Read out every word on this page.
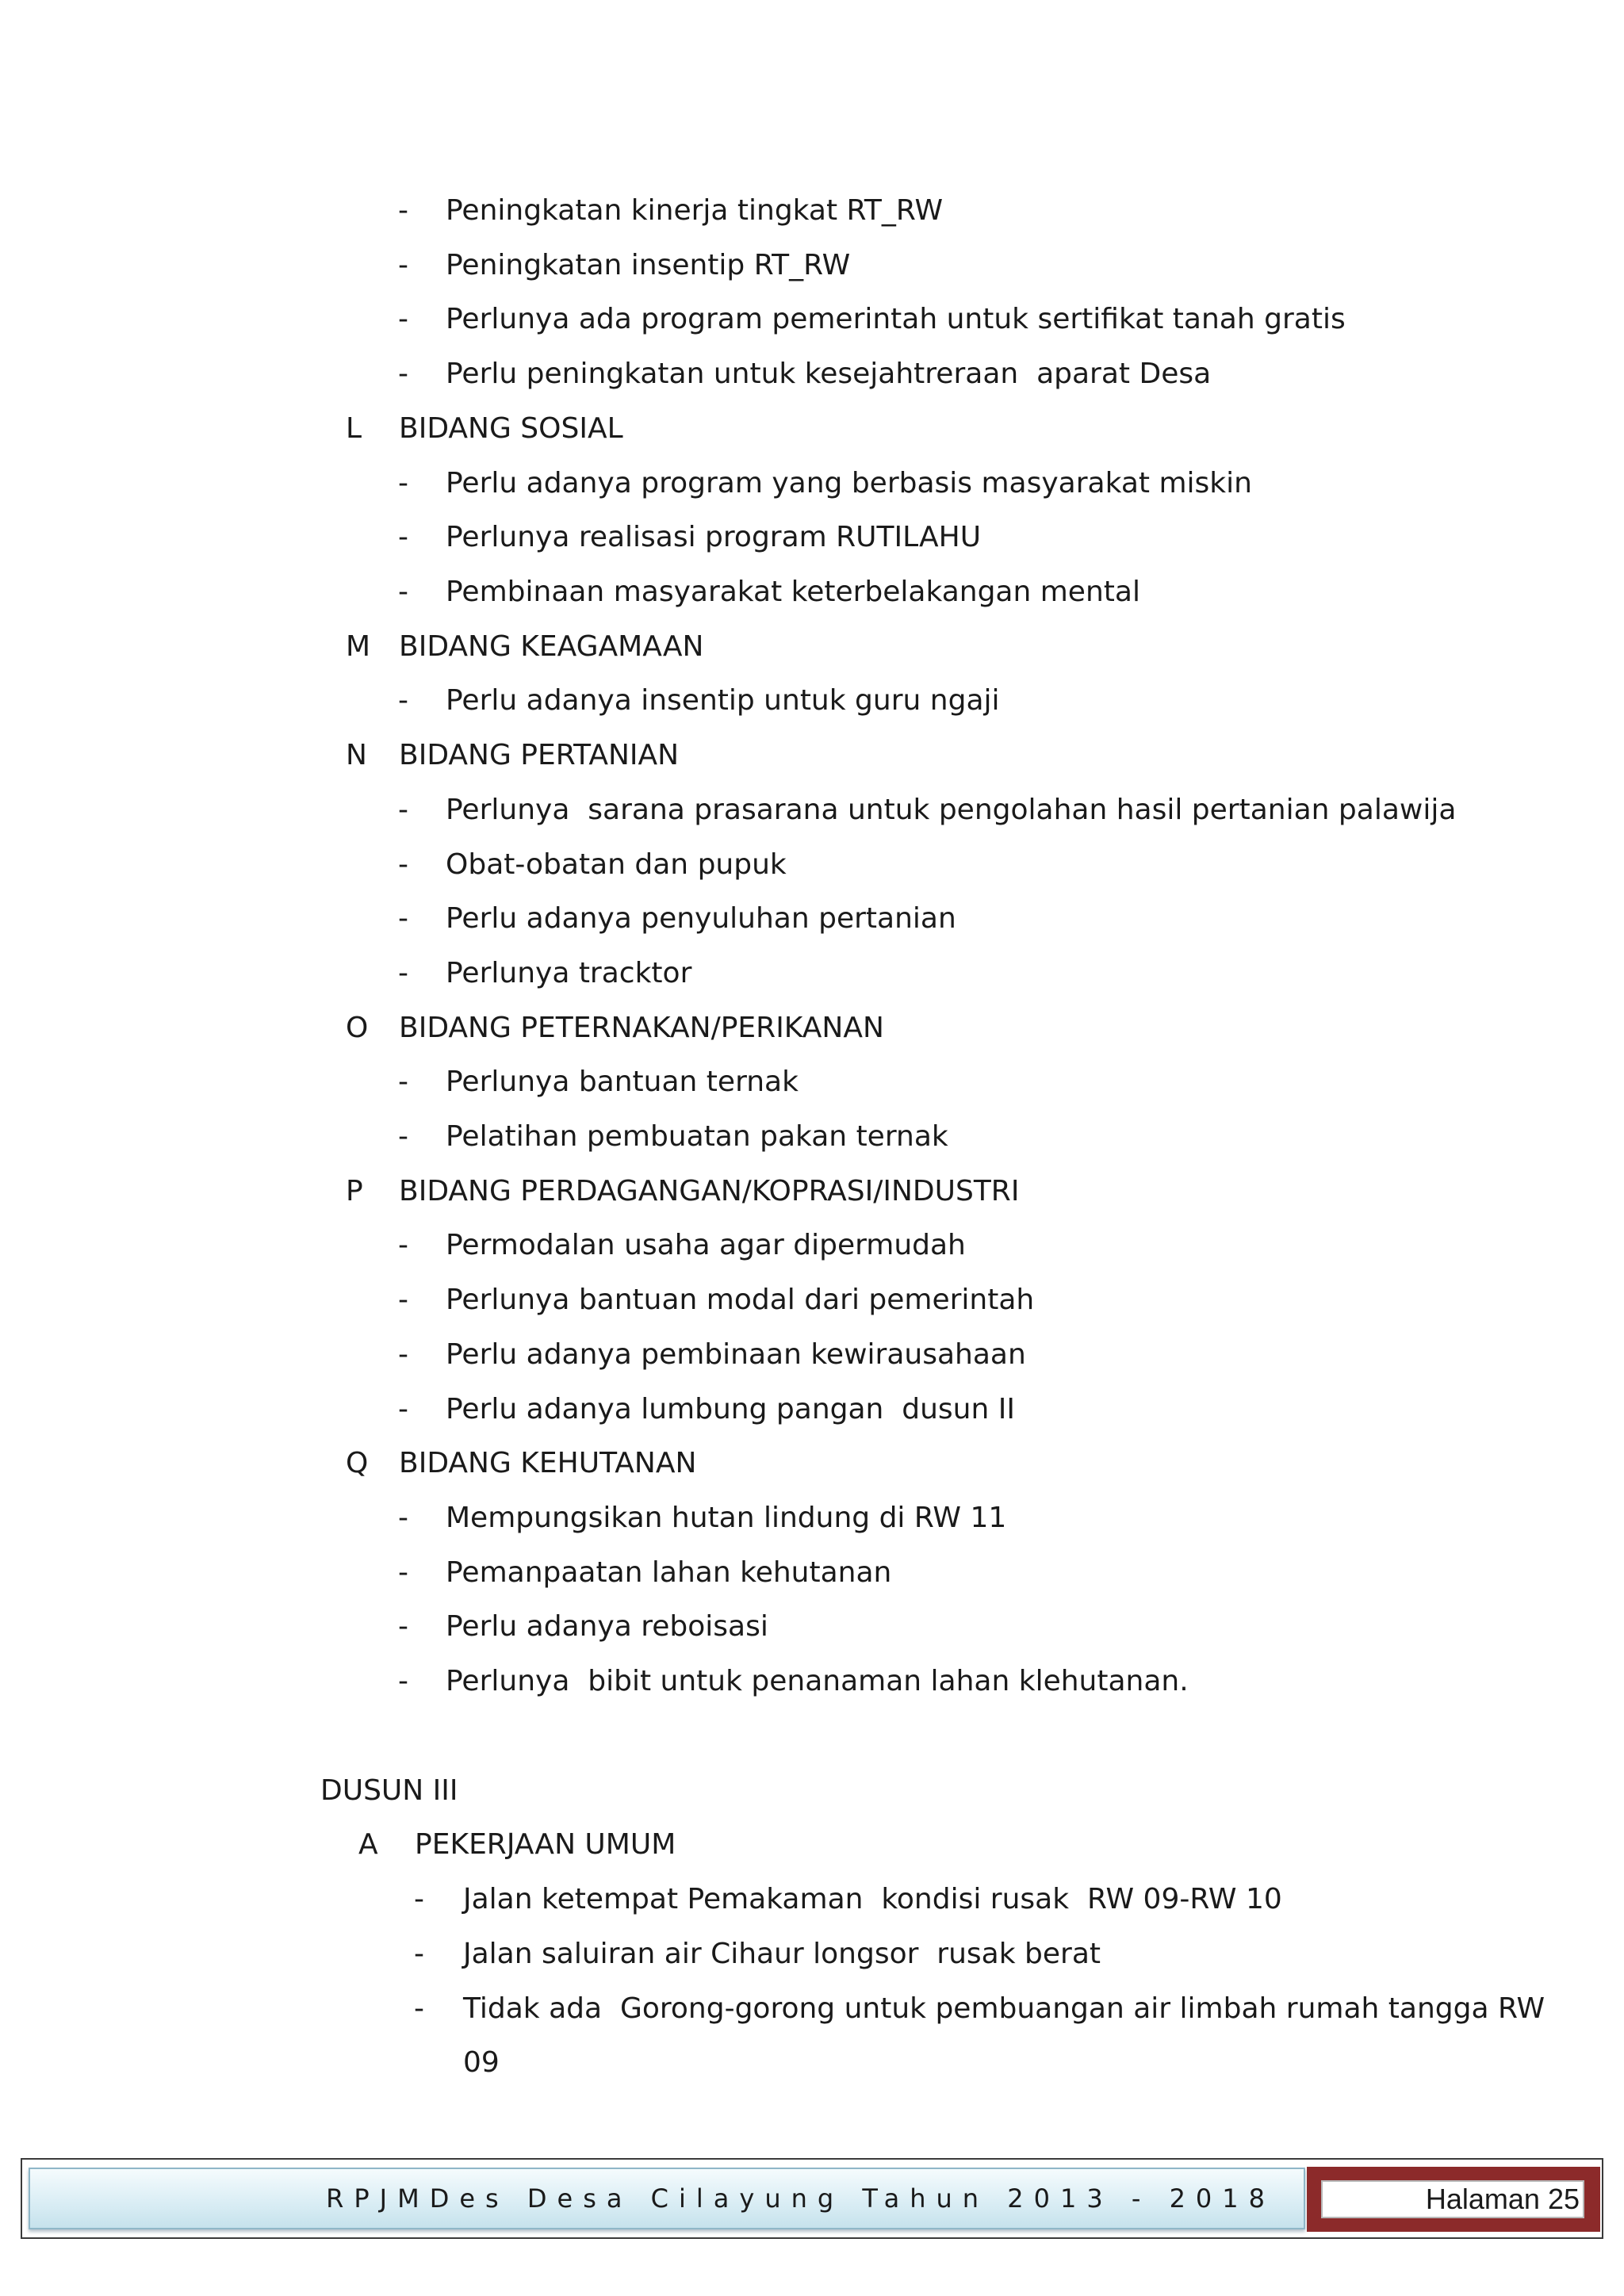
- Peningkatan kinerja tingkat RT_RW
- Peningkatan insentip RT_RW
- Perlunya ada program pemerintah untuk sertifikat tanah gratis
- Perlu peningkatan untuk kesejahtreraan  aparat Desa
L BIDANG SOSIAL
- Perlu adanya program yang berbasis masyarakat miskin
- Perlunya realisasi program RUTILAHU
- Pembinaan masyarakat keterbelakangan mental
M BIDANG KEAGAMAAN
- Perlu adanya insentip untuk guru ngaji
N BIDANG PERTANIAN
- Perlunya  sarana prasarana untuk pengolahan hasil pertanian palawija
- Obat-obatan dan pupuk
- Perlu adanya penyuluhan pertanian
- Perlunya tracktor
O BIDANG PETERNAKAN/PERIKANAN
- Perlunya bantuan ternak
- Pelatihan pembuatan pakan ternak
P BIDANG PERDAGANGAN/KOPRASI/INDUSTRI
- Permodalan usaha agar dipermudah
- Perlunya bantuan modal dari pemerintah
- Perlu adanya pembinaan kewirausahaan
- Perlu adanya lumbung pangan  dusun II
Q BIDANG KEHUTANAN
- Mempungsikan hutan lindung di RW 11
- Pemanpaatan lahan kehutanan
- Perlu adanya reboisasi
- Perlunya  bibit untuk penanaman lahan klehutanan.
DUSUN III
A PEKERJAAN UMUM
- Jalan ketempat Pemakaman  kondisi rusak  RW 09-RW 10
- Jalan saluiran air Cihaur longsor  rusak berat
- Tidak ada  Gorong-gorong untuk pembuangan air limbah rumah tangga RW
09
RPJMDes Desa Cilayung Tahun 2013 - 2018	Halaman 25
